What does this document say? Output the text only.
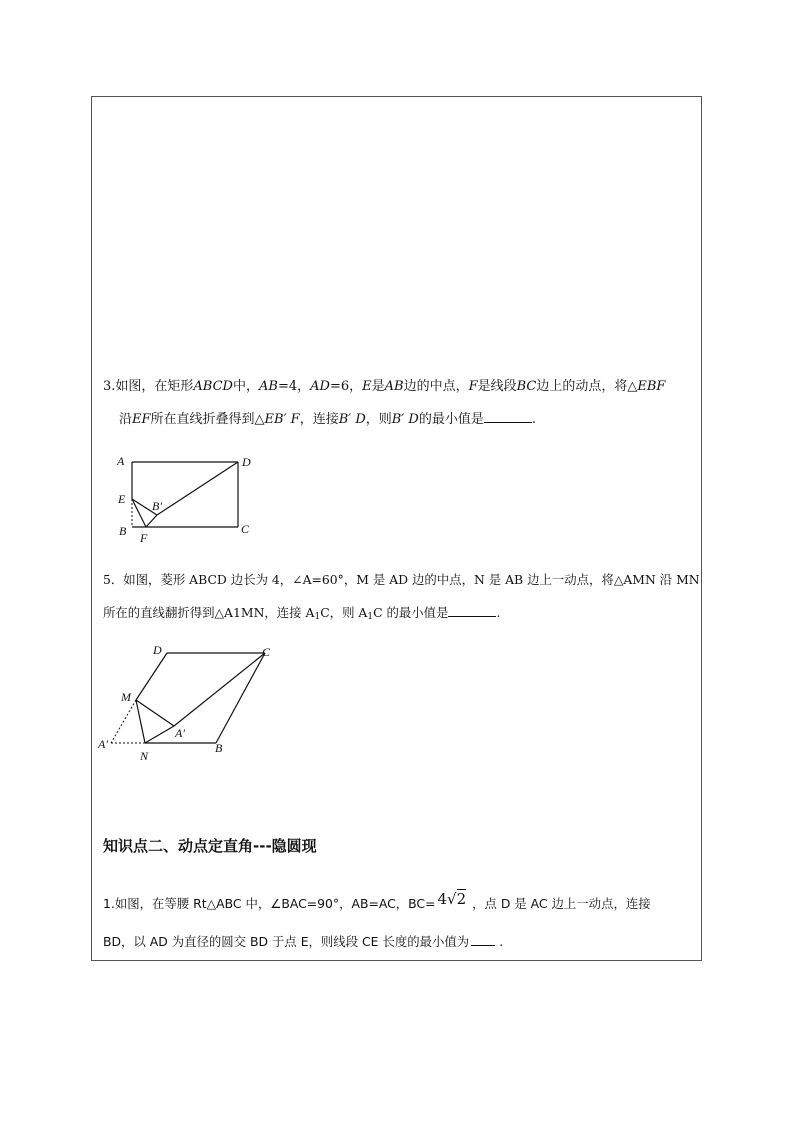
3.如图，在矩形ABCD中，AB=4，AD=6，E是AB边的中点，F是线段BC边上的动点，将△EBF
沿EF所在直线折叠得到△EB′ F，连接B′ D，则B′ D的最小值是	.
A	D
E B′
B F
C
5．如图，菱形 ABCD 边长为 4，∠A=60°，M 是 AD 边的中点，N 是 AB 边上一动点，将△AMN 沿 MN
所在的直线翻折得到△A1MN，连接 $A_1C$，则 $A_1C$ 的最小值是	.
D	C
M
A′
A′
N
B
知识点二、动点定直角---隐圆现
1.如图，在等腰 Rt△ABC 中，∠BAC=90°，AB=AC，BC= 4√2 ，点 D 是 AC 边上一动点，连接
BD，以 AD 为直径的圆交 BD 于点 E，则线段 CE 长度的最小值为 .
